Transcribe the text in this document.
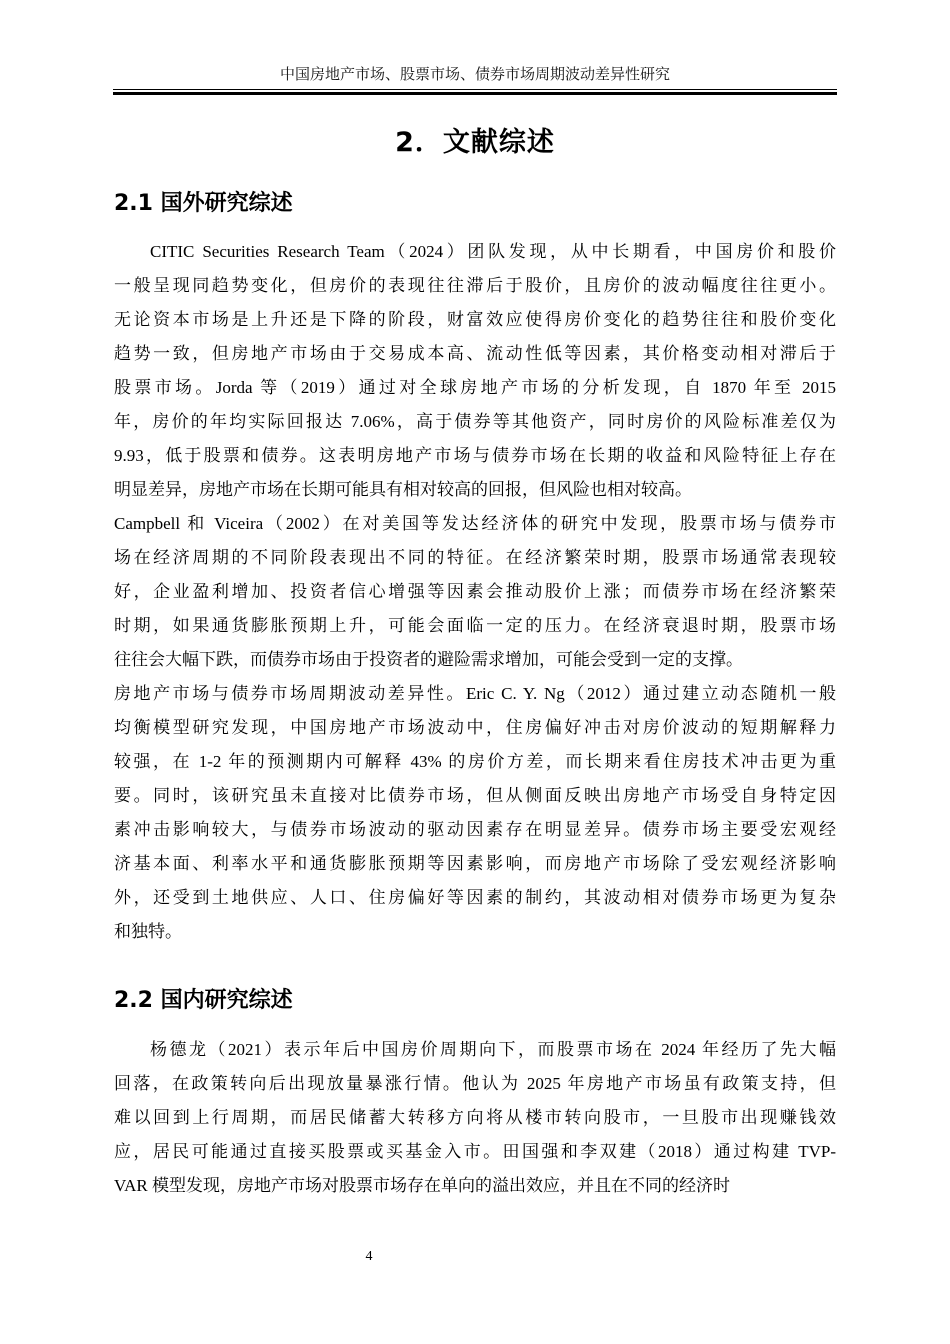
中国房地产市场、股票市场、债券市场周期波动差异性研究
2．文献综述
2.1 国外研究综述
CITIC Securities Research Team（2024）团队发现，从中长期看，中国房价和股价
一般呈现同趋势变化，但房价的表现往往滞后于股价，且房价的波动幅度往往更小。
无论资本市场是上升还是下降的阶段，财富效应使得房价变化的趋势往往和股价变化
趋势一致，但房地产市场由于交易成本高、流动性低等因素，其价格变动相对滞后于
股票市场。Jorda 等（2019）通过对全球房地产市场的分析发现，自 1870 年至 2015
年，房价的年均实际回报达 7.06%，高于债券等其他资产，同时房价的风险标准差仅为
9.93，低于股票和债券。这表明房地产市场与债券市场在长期的收益和风险特征上存在
明显差异，房地产市场在长期可能具有相对较高的回报，但风险也相对较高。
Campbell 和 Viceira（2002）在对美国等发达经济体的研究中发现，股票市场与债券市
场在经济周期的不同阶段表现出不同的特征。在经济繁荣时期，股票市场通常表现较
好，企业盈利增加、投资者信心增强等因素会推动股价上涨；而债券市场在经济繁荣
时期，如果通货膨胀预期上升，可能会面临一定的压力。在经济衰退时期，股票市场
往往会大幅下跌，而债券市场由于投资者的避险需求增加，可能会受到一定的支撑。
房地产市场与债券市场周期波动差异性。Eric C. Y. Ng（2012）通过建立动态随机一般
均衡模型研究发现，中国房地产市场波动中，住房偏好冲击对房价波动的短期解释力
较强，在 1-2 年的预测期内可解释 43% 的房价方差，而长期来看住房技术冲击更为重
要。同时，该研究虽未直接对比债券市场，但从侧面反映出房地产市场受自身特定因
素冲击影响较大，与债券市场波动的驱动因素存在明显差异。债券市场主要受宏观经
济基本面、利率水平和通货膨胀预期等因素影响，而房地产市场除了受宏观经济影响
外，还受到土地供应、人口、住房偏好等因素的制约，其波动相对债券市场更为复杂
和独特。
2.2 国内研究综述
杨德龙（2021）表示年后中国房价周期向下，而股票市场在 2024 年经历了先大幅
回落，在政策转向后出现放量暴涨行情。他认为 2025 年房地产市场虽有政策支持，但
难以回到上行周期，而居民储蓄大转移方向将从楼市转向股市，一旦股市出现赚钱效
应，居民可能通过直接买股票或买基金入市。田国强和李双建（2018）通过构建 TVP-
VAR 模型发现，房地产市场对股票市场存在单向的溢出效应，并且在不同的经济时
4
